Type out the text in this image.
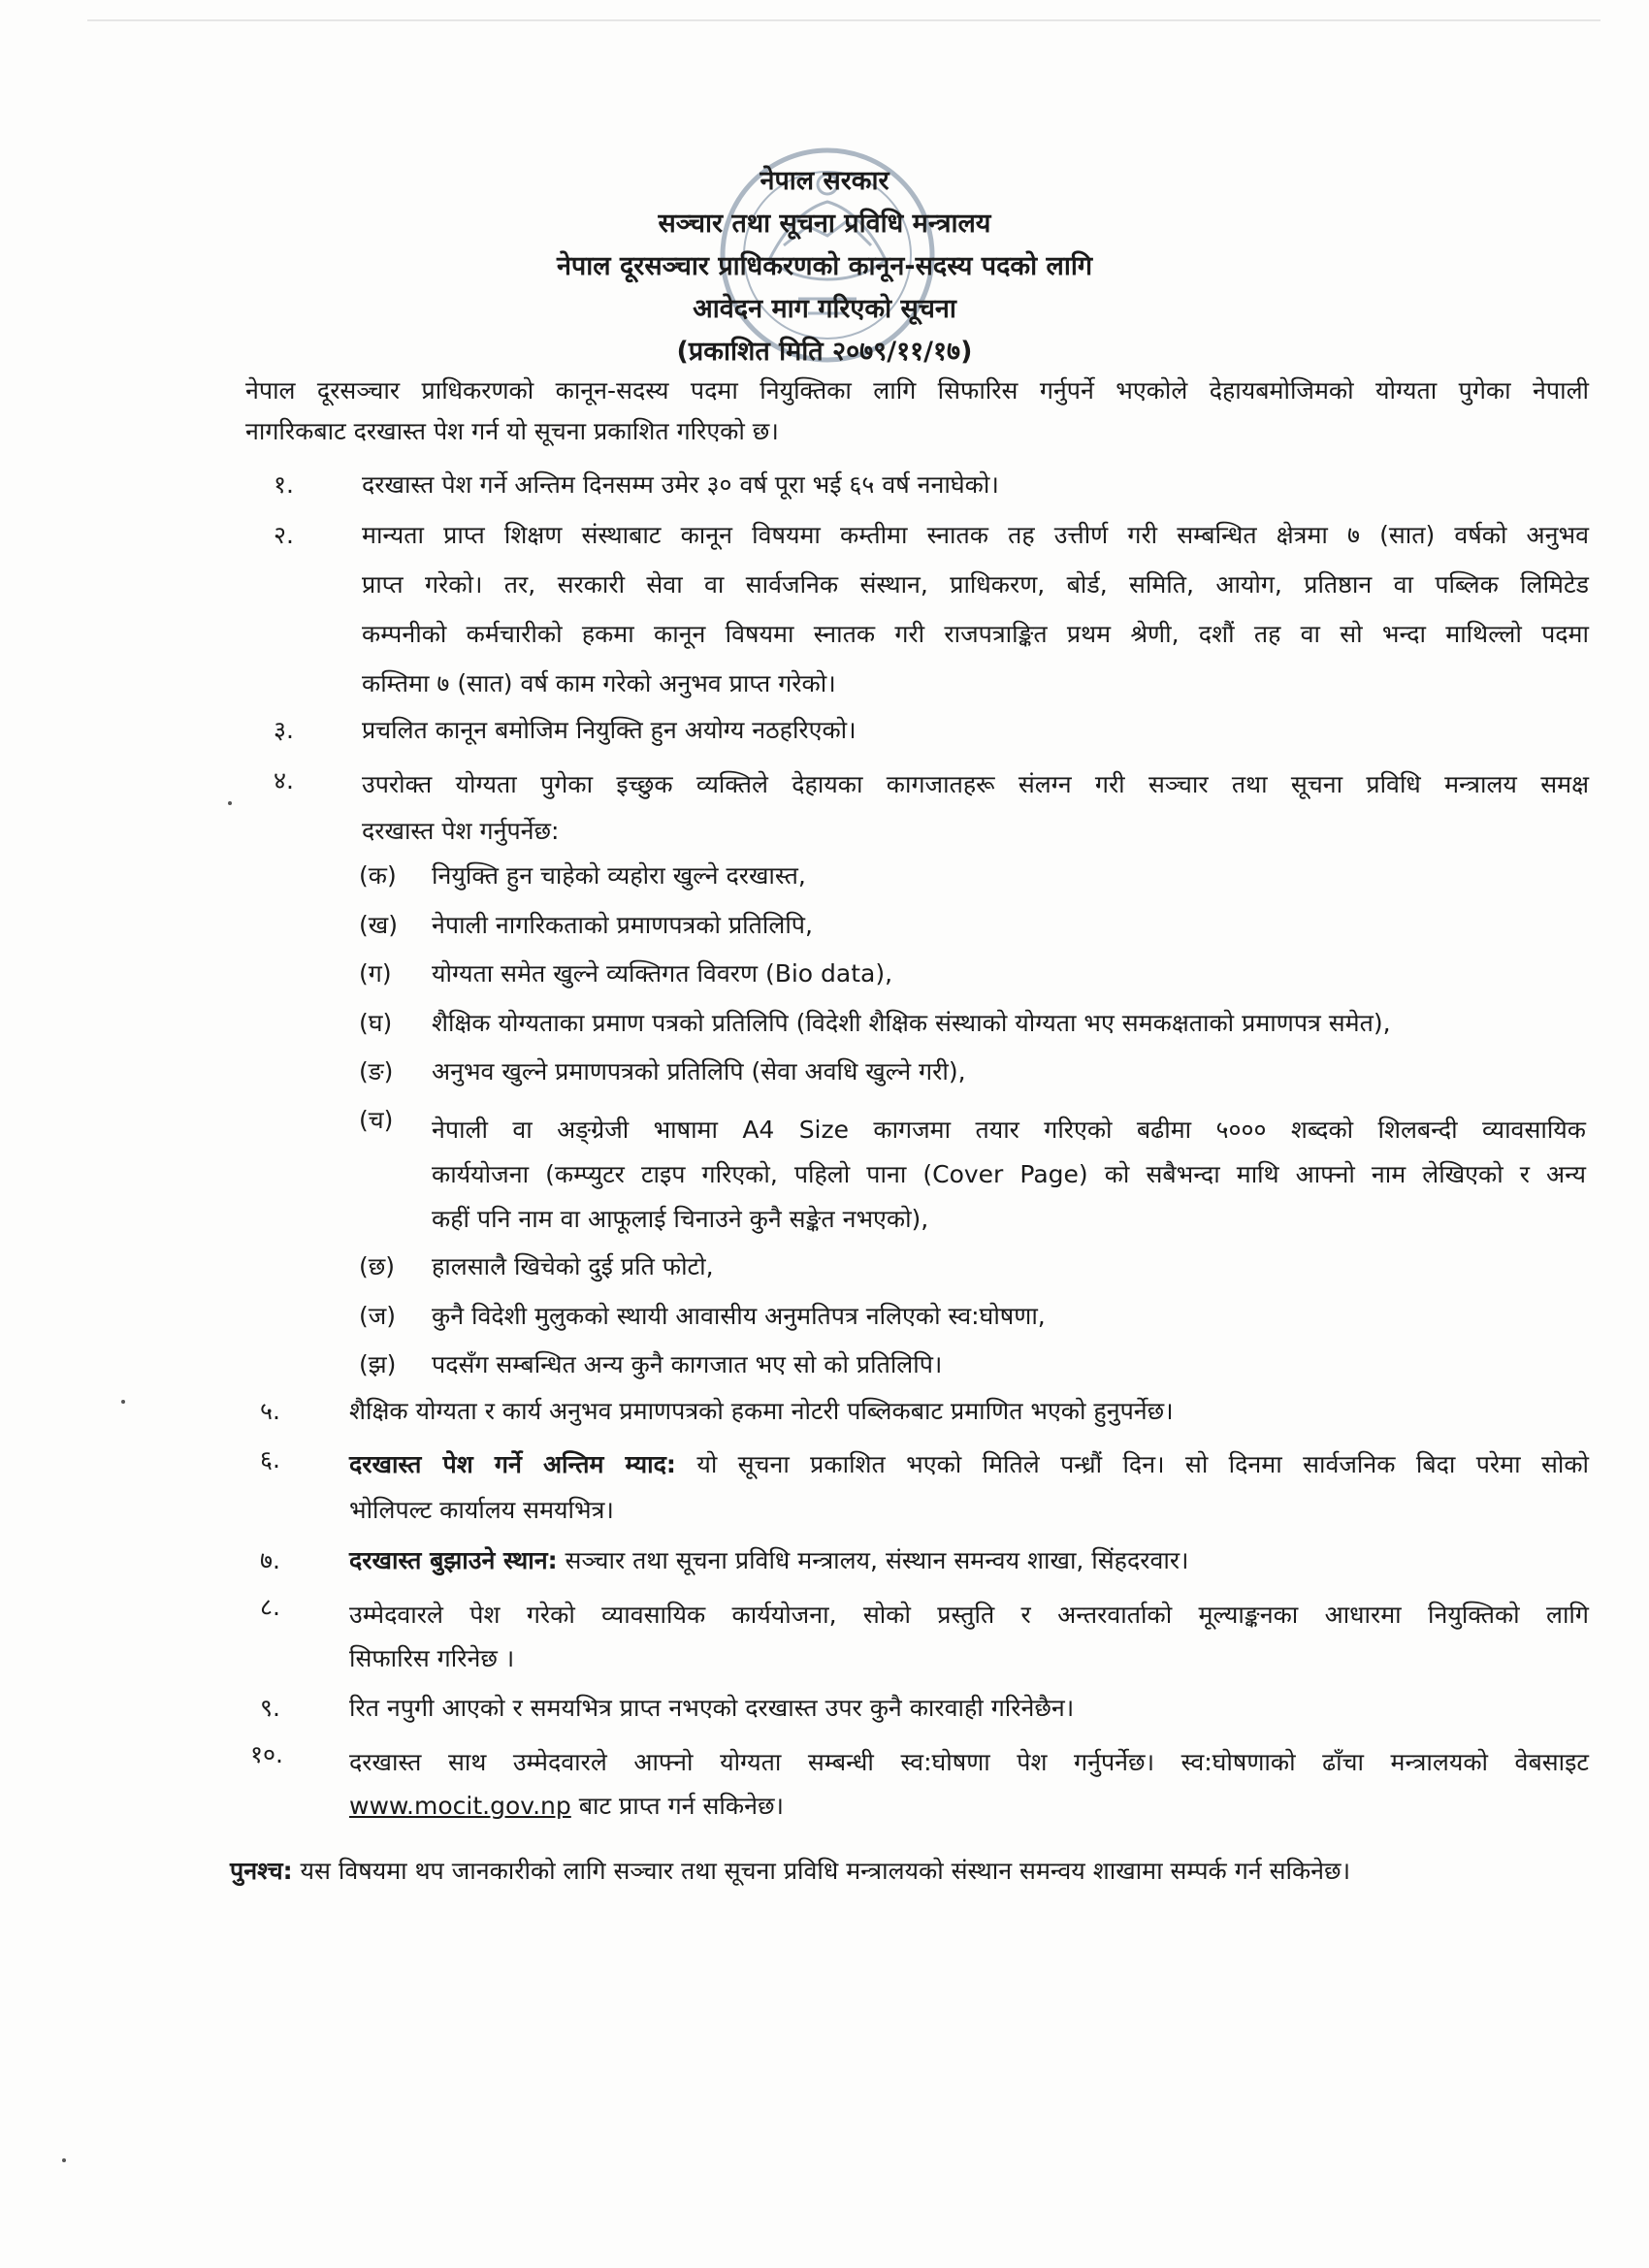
नेपाल सरकार
सञ्चार तथा सूचना प्रविधि मन्त्रालय
नेपाल दूरसञ्चार प्राधिकरणको कानून-सदस्य पदको लागि
आवेदन माग गरिएको सूचना
(प्रकाशित मिति २०७९/११/१७)
नेपाल दूरसञ्चार प्राधिकरणको कानून-सदस्य पदमा नियुक्तिका लागि सिफारिस गर्नुपर्ने भएकोले देहायबमोजिमको योग्यता पुगेका नेपाली
नागरिकबाट दरखास्त पेश गर्न यो सूचना प्रकाशित गरिएको छ।
१.	दरखास्त पेश गर्ने अन्तिम दिनसम्म उमेर ३० वर्ष पूरा भई ६५ वर्ष ननाघेको।
२.	मान्यता प्राप्त शिक्षण संस्थाबाट कानून विषयमा कम्तीमा स्नातक तह उत्तीर्ण गरी सम्बन्धित क्षेत्रमा ७ (सात) वर्षको अनुभव
प्राप्त गरेको। तर, सरकारी सेवा वा सार्वजनिक संस्थान, प्राधिकरण, बोर्ड, समिति, आयोग, प्रतिष्ठान वा पब्लिक लिमिटेड
कम्पनीको कर्मचारीको हकमा कानून विषयमा स्नातक गरी राजपत्राङ्कित प्रथम श्रेणी, दशौं तह वा सो भन्दा माथिल्लो पदमा
कम्तिमा ७ (सात) वर्ष काम गरेको अनुभव प्राप्त गरेको।
३.	प्रचलित कानून बमोजिम नियुक्ति हुन अयोग्य नठहरिएको।
४.	उपरोक्त योग्यता पुगेका इच्छुक व्यक्तिले देहायका कागजातहरू संलग्न गरी सञ्चार तथा सूचना प्रविधि मन्त्रालय समक्ष
दरखास्त पेश गर्नुपर्नेछ:
(क) नियुक्ति हुन चाहेको व्यहोरा खुल्ने दरखास्त,
(ख) नेपाली नागरिकताको प्रमाणपत्रको प्रतिलिपि,
(ग) योग्यता समेत खुल्ने व्यक्तिगत विवरण (Bio data),
(घ) शैक्षिक योग्यताका प्रमाण पत्रको प्रतिलिपि (विदेशी शैक्षिक संस्थाको योग्यता भए समकक्षताको प्रमाणपत्र समेत),
(ङ) अनुभव खुल्ने प्रमाणपत्रको प्रतिलिपि (सेवा अवधि खुल्ने गरी),
(च) नेपाली वा अङ्ग्रेजी भाषामा A4 Size कागजमा तयार गरिएको बढीमा ५००० शब्दको शिलबन्दी व्यावसायिक
कार्ययोजना (कम्प्युटर टाइप गरिएको, पहिलो पाना (Cover Page) को सबैभन्दा माथि आफ्नो नाम लेखिएको र अन्य
कहीं पनि नाम वा आफूलाई चिनाउने कुनै सङ्केत नभएको),
(छ) हालसालै खिचेको दुई प्रति फोटो,
(ज) कुनै विदेशी मुलुकको स्थायी आवासीय अनुमतिपत्र नलिएको स्व:घोषणा,
(झ) पदसँग सम्बन्धित अन्य कुनै कागजात भए सो को प्रतिलिपि।
५.	शैक्षिक योग्यता र कार्य अनुभव प्रमाणपत्रको हकमा नोटरी पब्लिकबाट प्रमाणित भएको हुनुपर्नेछ।
६.	दरखास्त पेश गर्ने अन्तिम म्याद: यो सूचना प्रकाशित भएको मितिले पन्ध्रौं दिन। सो दिनमा सार्वजनिक बिदा परेमा सोको
भोलिपल्ट कार्यालय समयभित्र।
७.	दरखास्त बुझाउने स्थान: सञ्चार तथा सूचना प्रविधि मन्त्रालय, संस्थान समन्वय शाखा, सिंहदरवार।
८.	उम्मेदवारले पेश गरेको व्यावसायिक कार्ययोजना, सोको प्रस्तुति र अन्तरवार्ताको मूल्याङ्कनका आधारमा नियुक्तिको लागि
सिफारिस गरिनेछ ।
९.	रित नपुगी आएको र समयभित्र प्राप्त नभएको दरखास्त उपर कुनै कारवाही गरिनेछैन।
१०.	दरखास्त साथ उम्मेदवारले आफ्नो योग्यता सम्बन्धी स्व:घोषणा पेश गर्नुपर्नेछ। स्व:घोषणाको ढाँचा मन्त्रालयको वेबसाइट
www.mocit.gov.np बाट प्राप्त गर्न सकिनेछ।
पुनश्च: यस विषयमा थप जानकारीको लागि सञ्चार तथा सूचना प्रविधि मन्त्रालयको संस्थान समन्वय शाखामा सम्पर्क गर्न सकिनेछ।
